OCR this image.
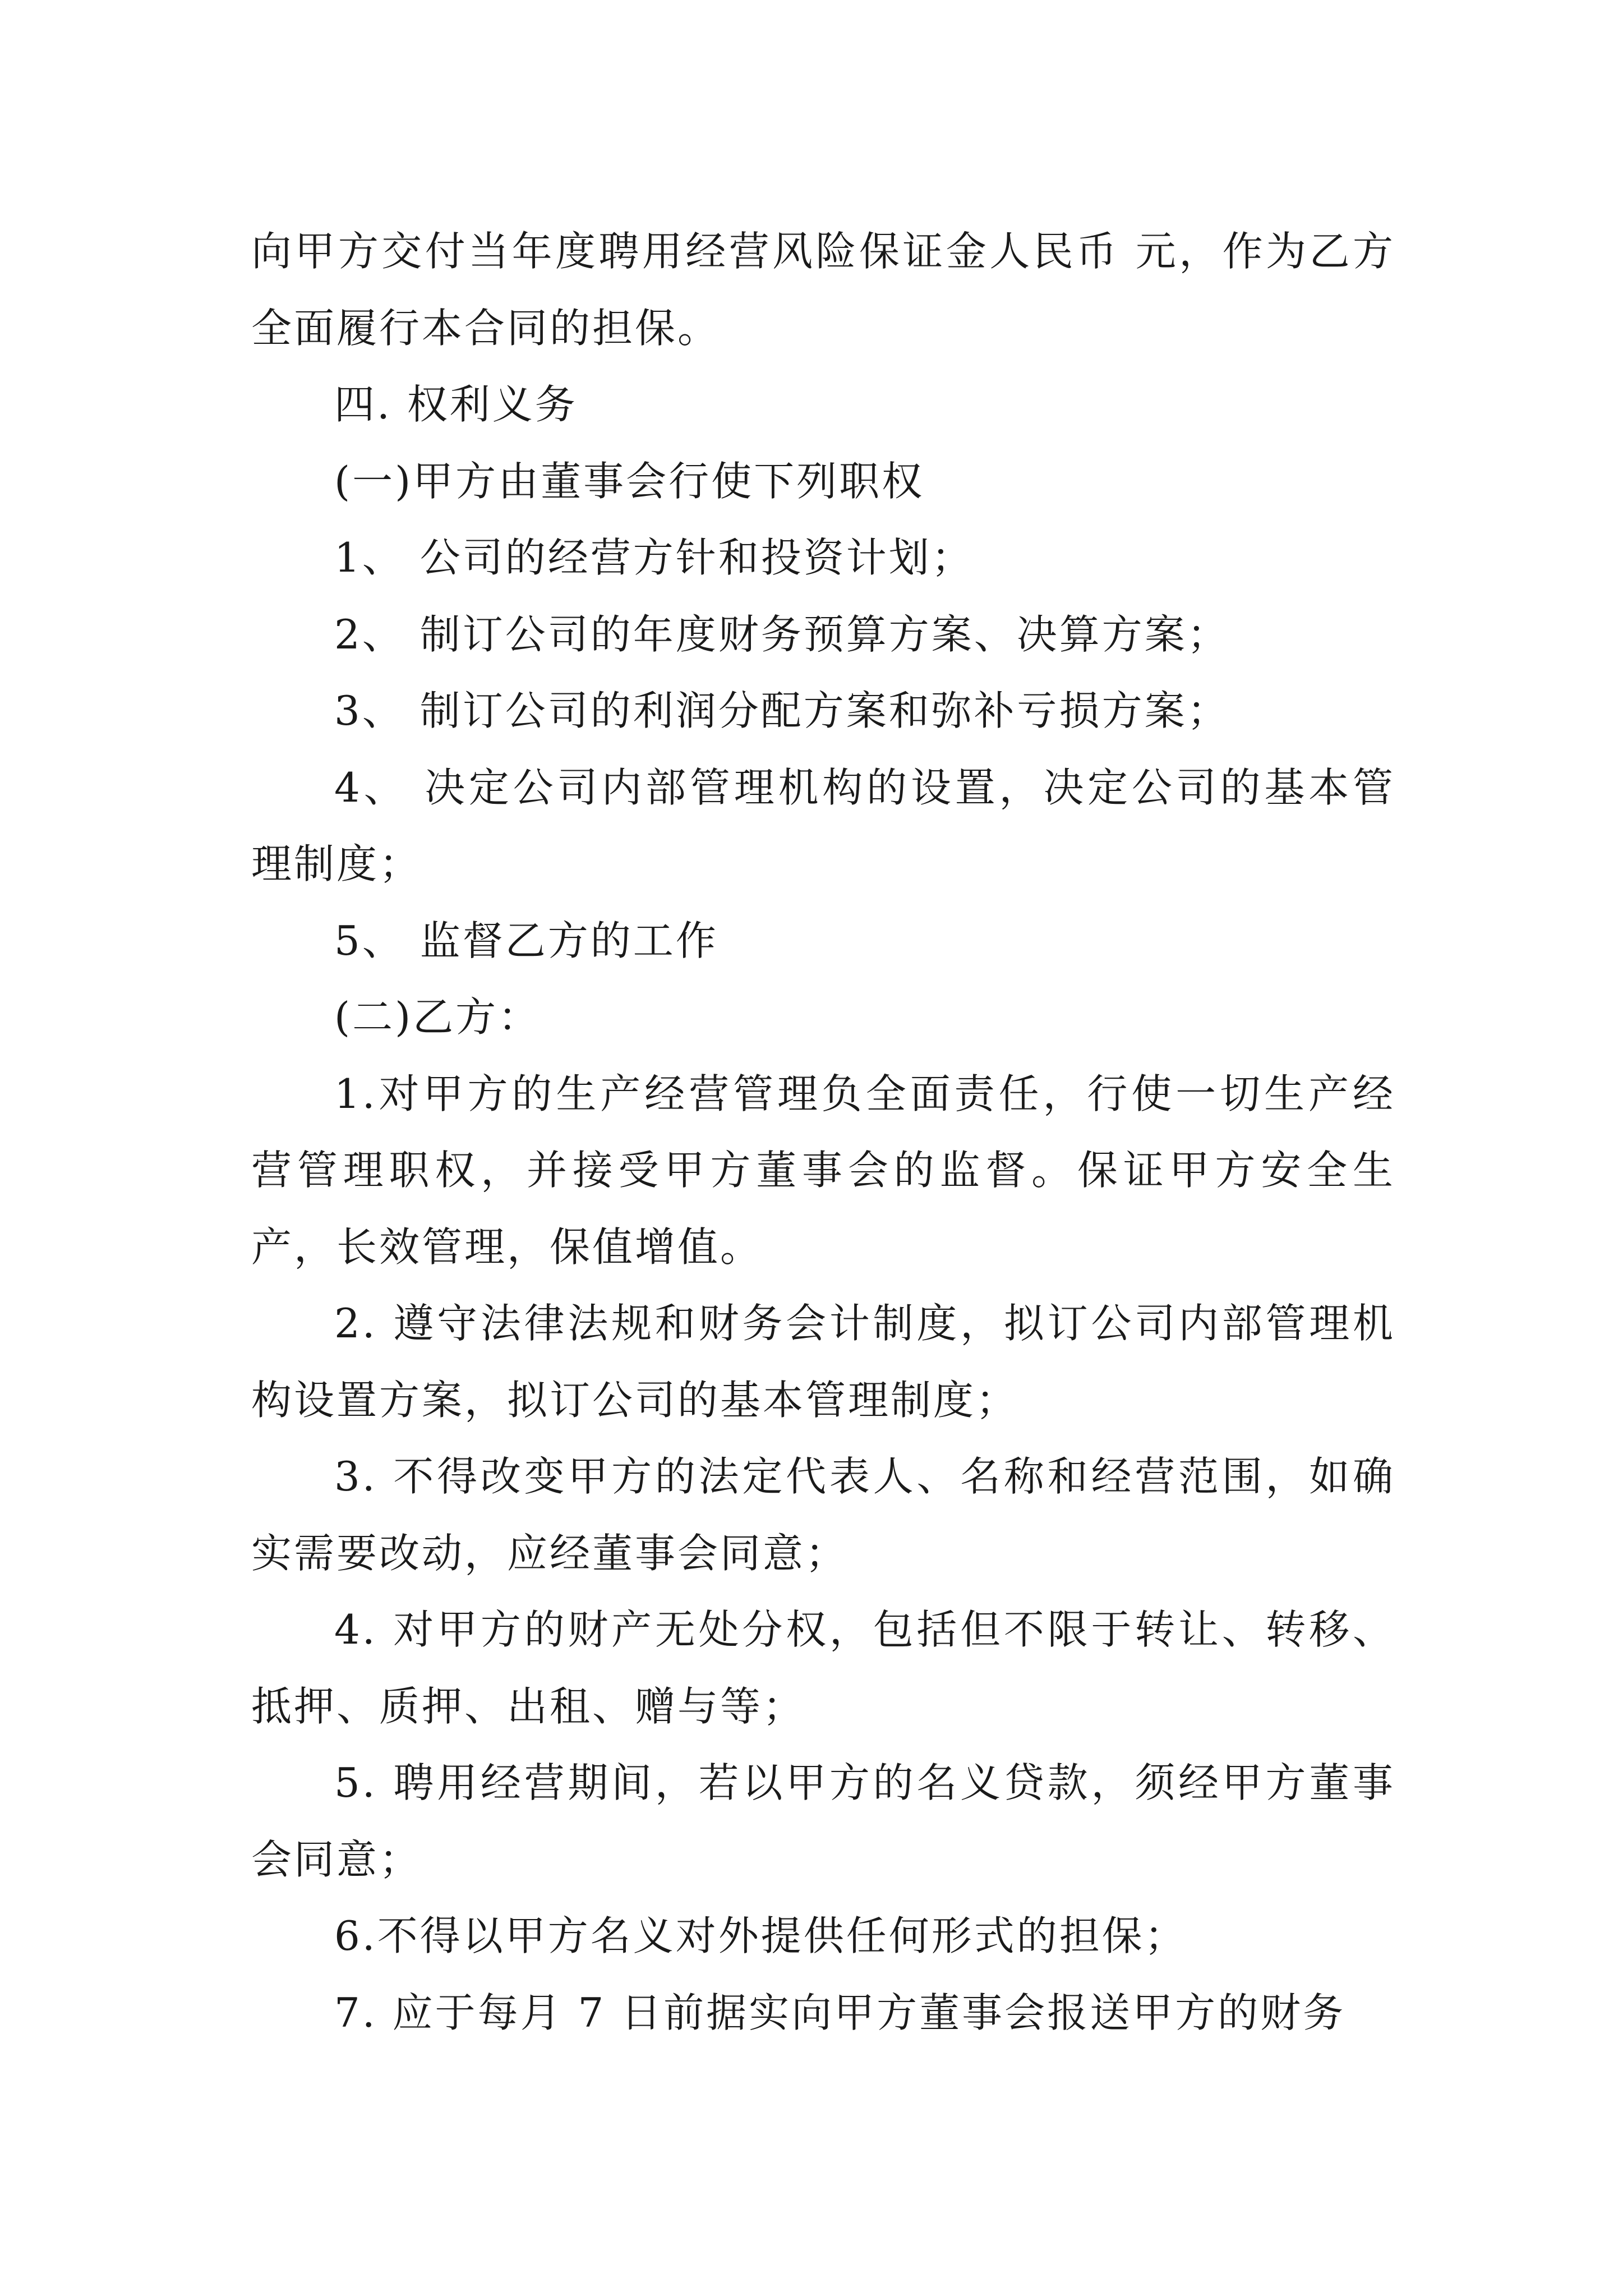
向甲方交付当年度聘用经营风险保证金人民币 元，作为乙方全面履行本合同的担保。

四. 权利义务

(一)甲方由董事会行使下列职权

1、 公司的经营方针和投资计划；

2、 制订公司的年度财务预算方案、决算方案；

3、 制订公司的利润分配方案和弥补亏损方案；

4、 决定公司内部管理机构的设置，决定公司的基本管理制度；

5、 监督乙方的工作

(二)乙方：

1.对甲方的生产经营管理负全面责任，行使一切生产经营管理职权，并接受甲方董事会的监督。保证甲方安全生产，长效管理，保值增值。

2. 遵守法律法规和财务会计制度，拟订公司内部管理机构设置方案，拟订公司的基本管理制度；

3. 不得改变甲方的法定代表人、名称和经营范围，如确实需要改动，应经董事会同意；

4. 对甲方的财产无处分权，包括但不限于转让、转移、抵押、质押、出租、赠与等；

5. 聘用经营期间，若以甲方的名义贷款，须经甲方董事会同意；

6.不得以甲方名义对外提供任何形式的担保；

7. 应于每月 7 日前据实向甲方董事会报送甲方的财务
